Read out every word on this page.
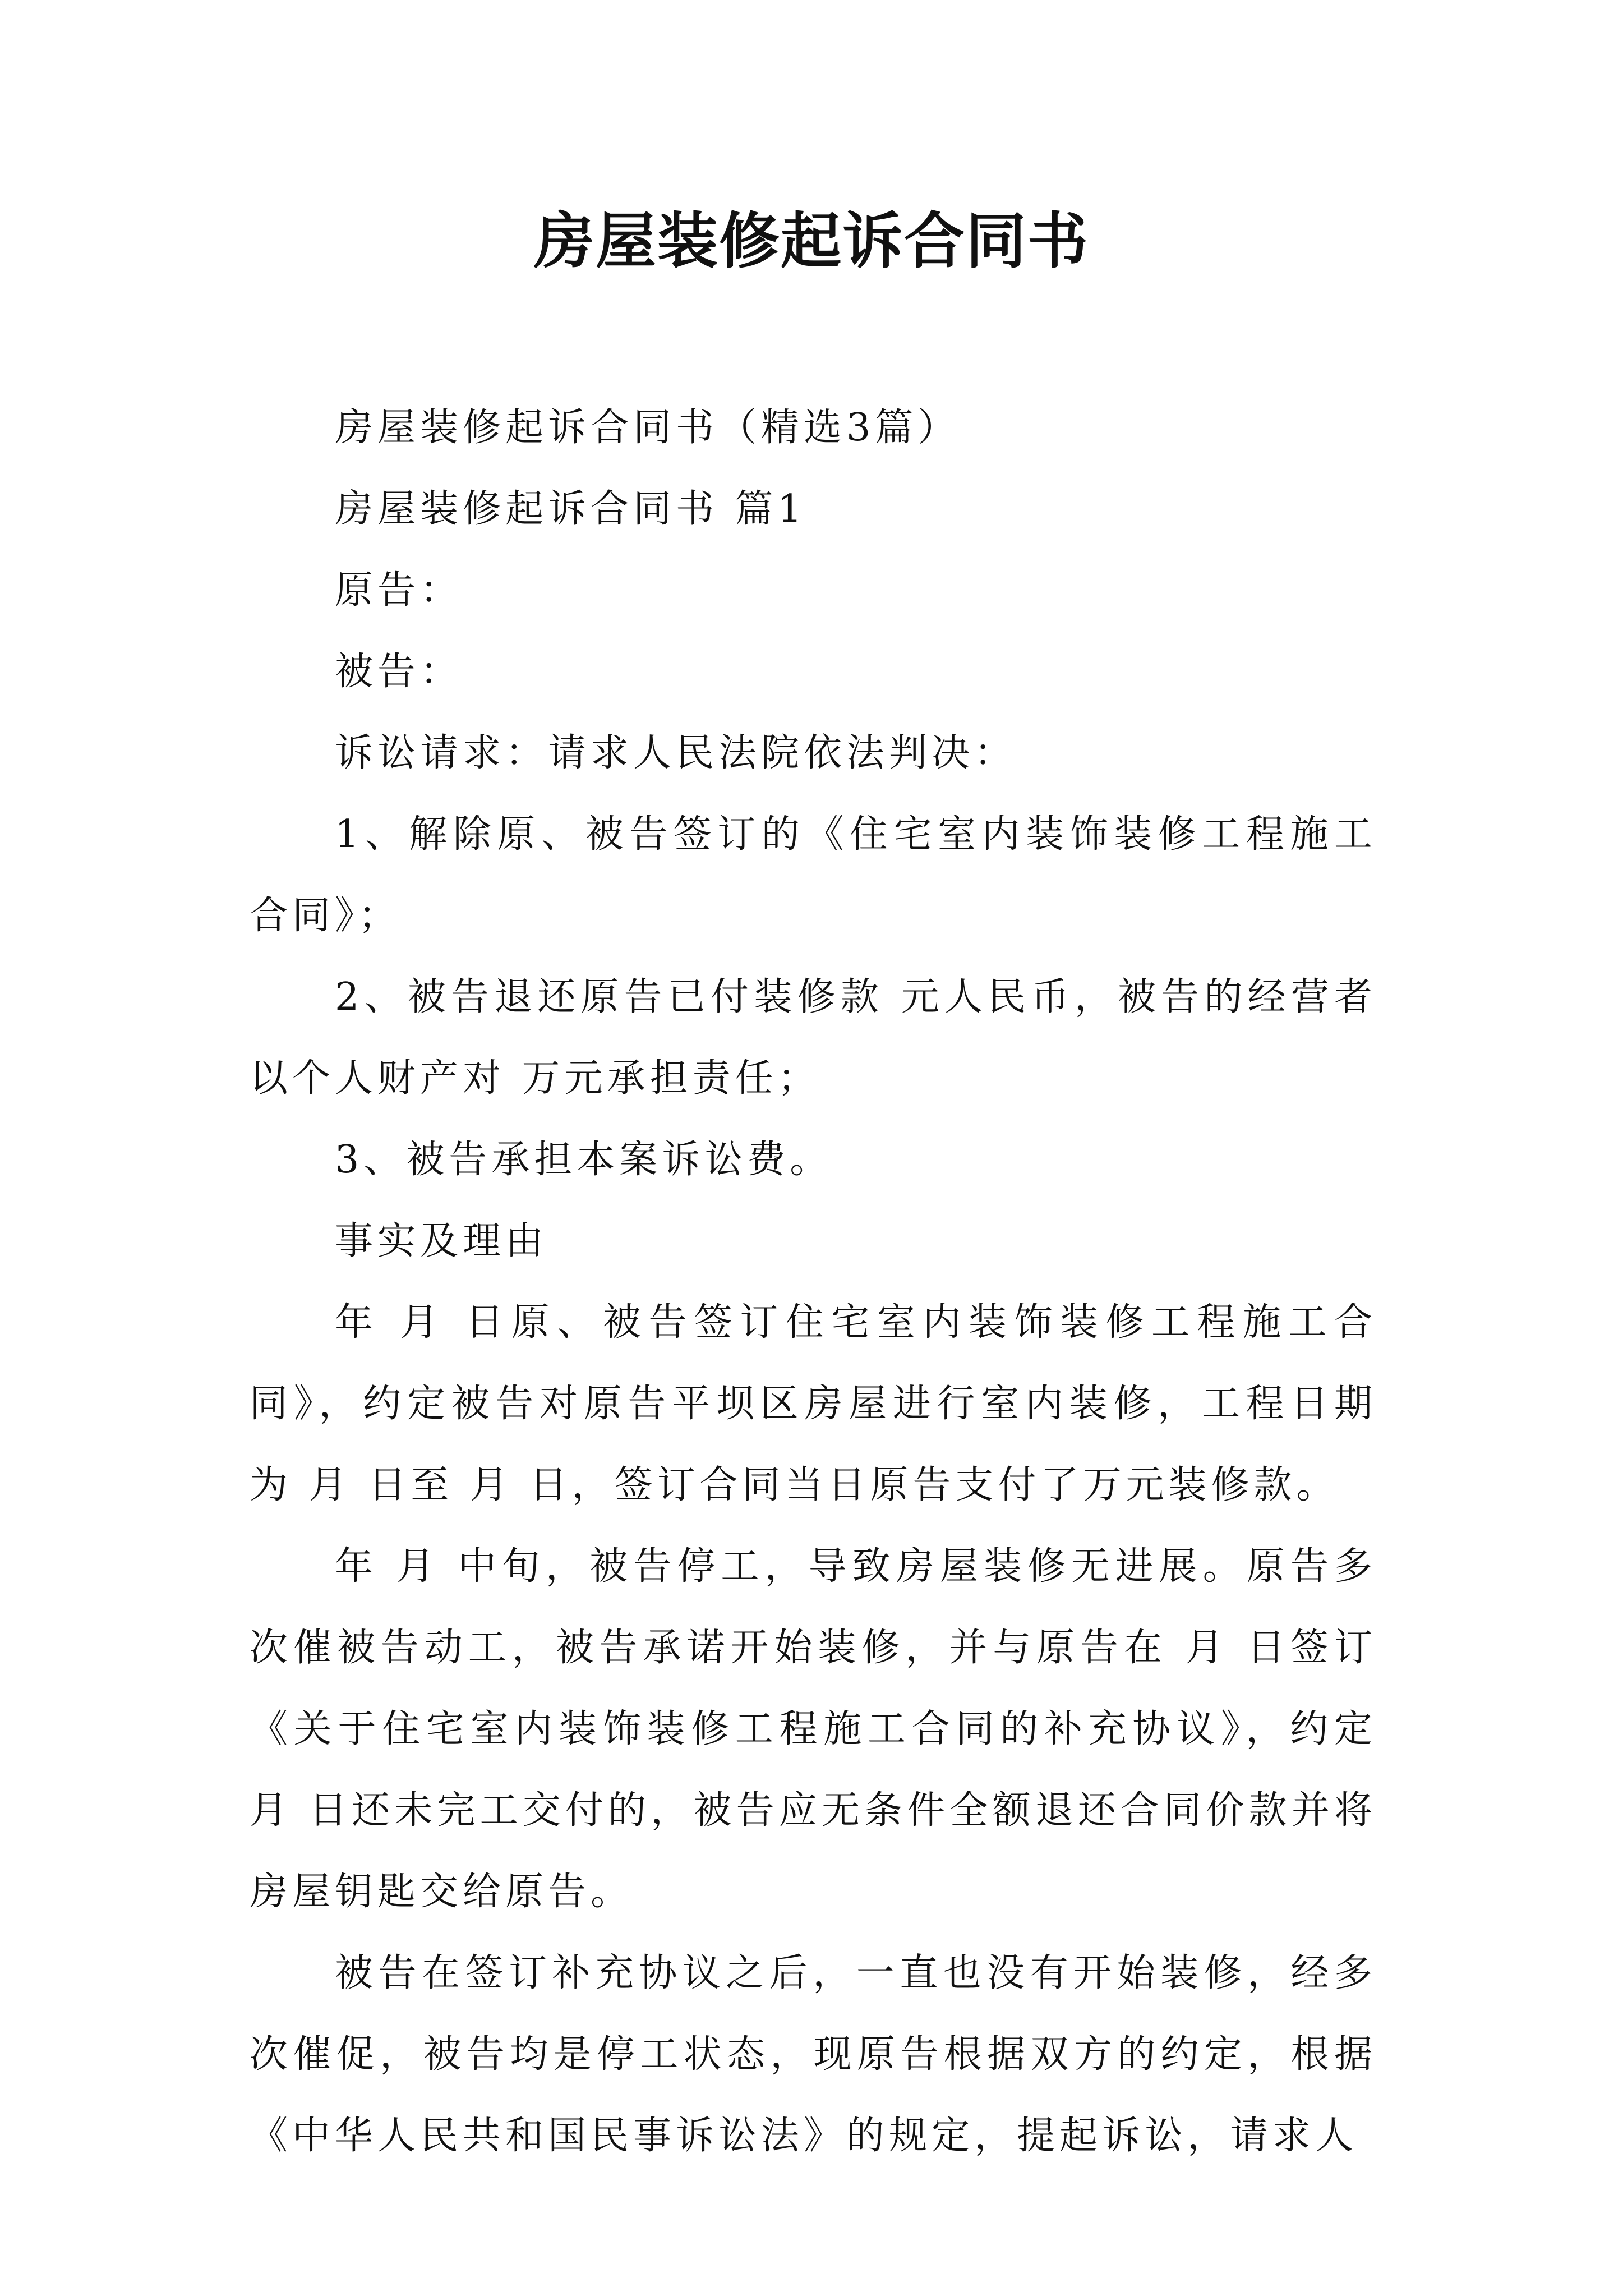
房屋装修起诉合同书

房屋装修起诉合同书（精选3篇）

房屋装修起诉合同书 篇1

原告：

被告：

诉讼请求：请求人民法院依法判决：

1、解除原、被告签订的《住宅室内装饰装修工程施工合同》；

2、被告退还原告已付装修款 元人民币，被告的经营者以个人财产对 万元承担责任；

3、被告承担本案诉讼费。

事实及理由

年 月 日原、被告签订住宅室内装饰装修工程施工合同》，约定被告对原告平坝区房屋进行室内装修，工程日期为 月 日至 月 日，签订合同当日原告支付了万元装修款。

年 月 中旬，被告停工，导致房屋装修无进展。原告多次催被告动工，被告承诺开始装修，并与原告在 月 日签订《关于住宅室内装饰装修工程施工合同的补充协议》，约定月 日还未完工交付的，被告应无条件全额退还合同价款并将房屋钥匙交给原告。

被告在签订补充协议之后，一直也没有开始装修，经多次催促，被告均是停工状态，现原告根据双方的约定，根据《中华人民共和国民事诉讼法》的规定，提起诉讼，请求人
